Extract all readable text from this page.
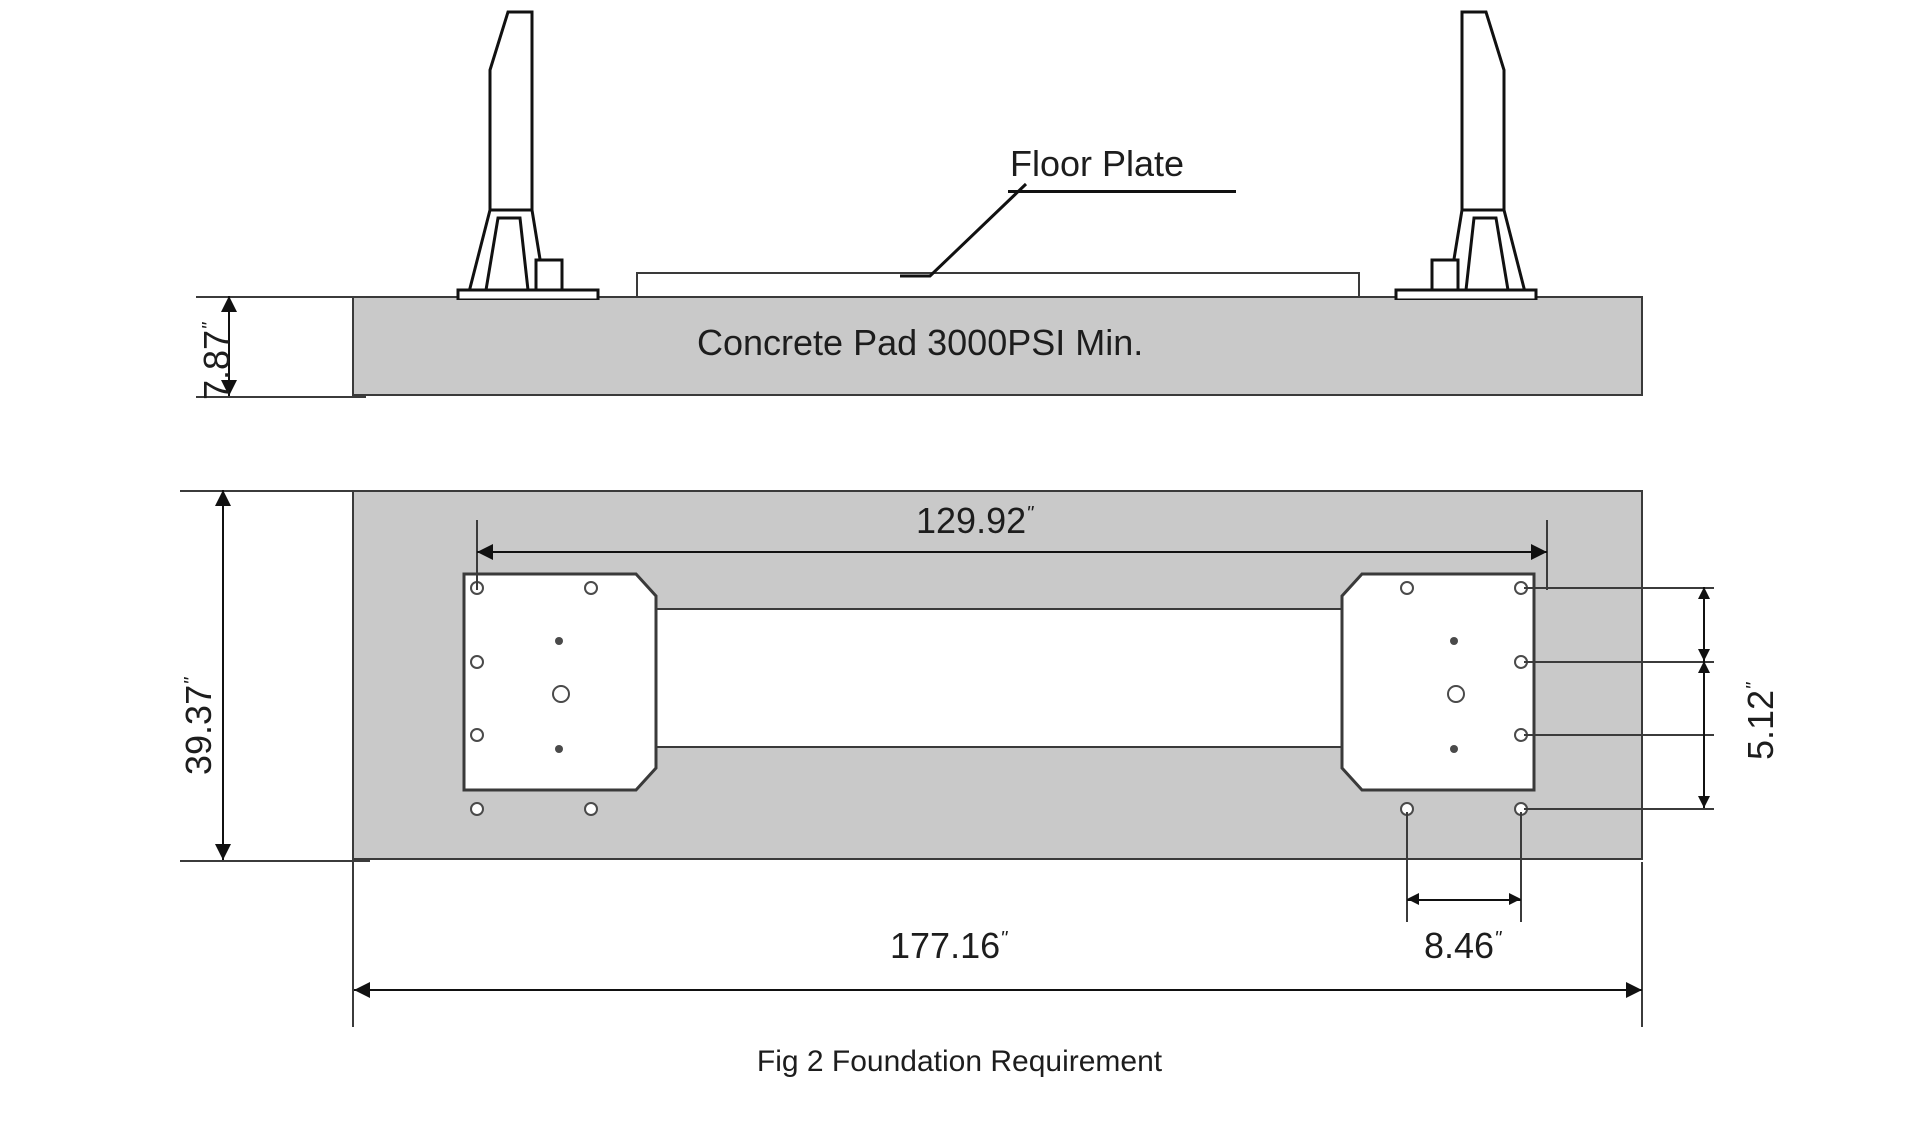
Floor Plate
Concrete Pad 3000PSI Min.
7.87"
129.92"
39.37"
5.12"
8.46"
177.16"
Fig 2 Foundation Requirement
